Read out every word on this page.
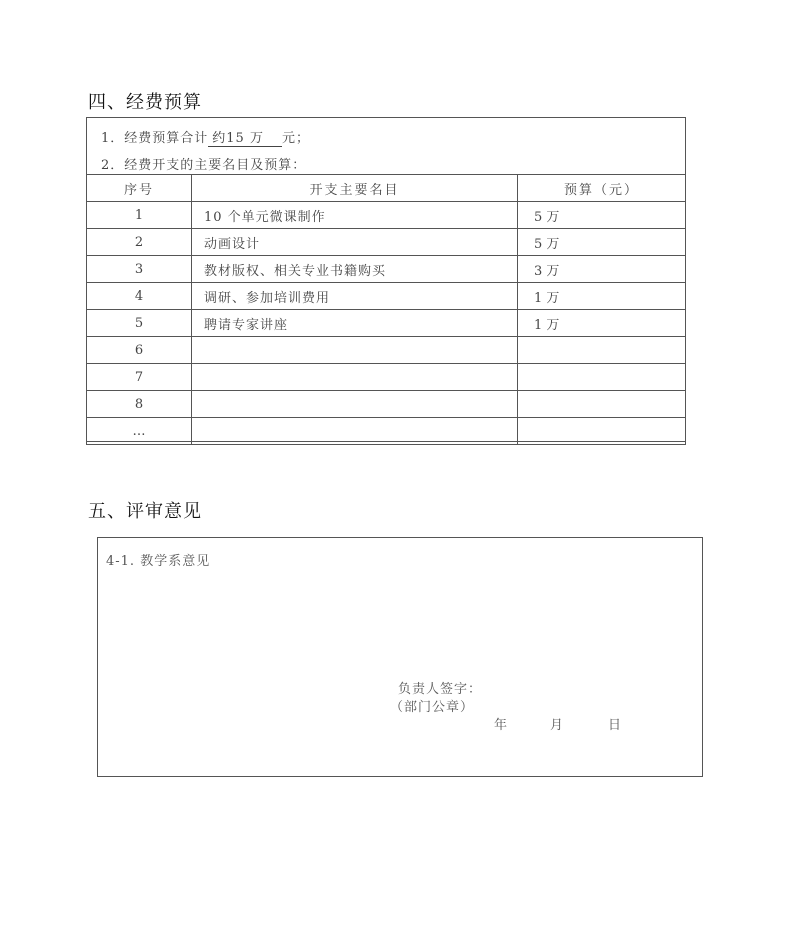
四、经费预算
1．经费预算合计 约15 万 元；
2．经费开支的主要名目及预算：
序号	开支主要名目	预算（元）
1	10 个单元微课制作	5 万
2	动画设计	5 万
3	教材版权、相关专业书籍购买	3 万
4	调研、参加培训费用	1 万
5	聘请专家讲座	1 万
6		
7		
8		
…		
五、评审意见
4-1. 教学系意见
负责人签字：
（部门公章）
年	月	日
